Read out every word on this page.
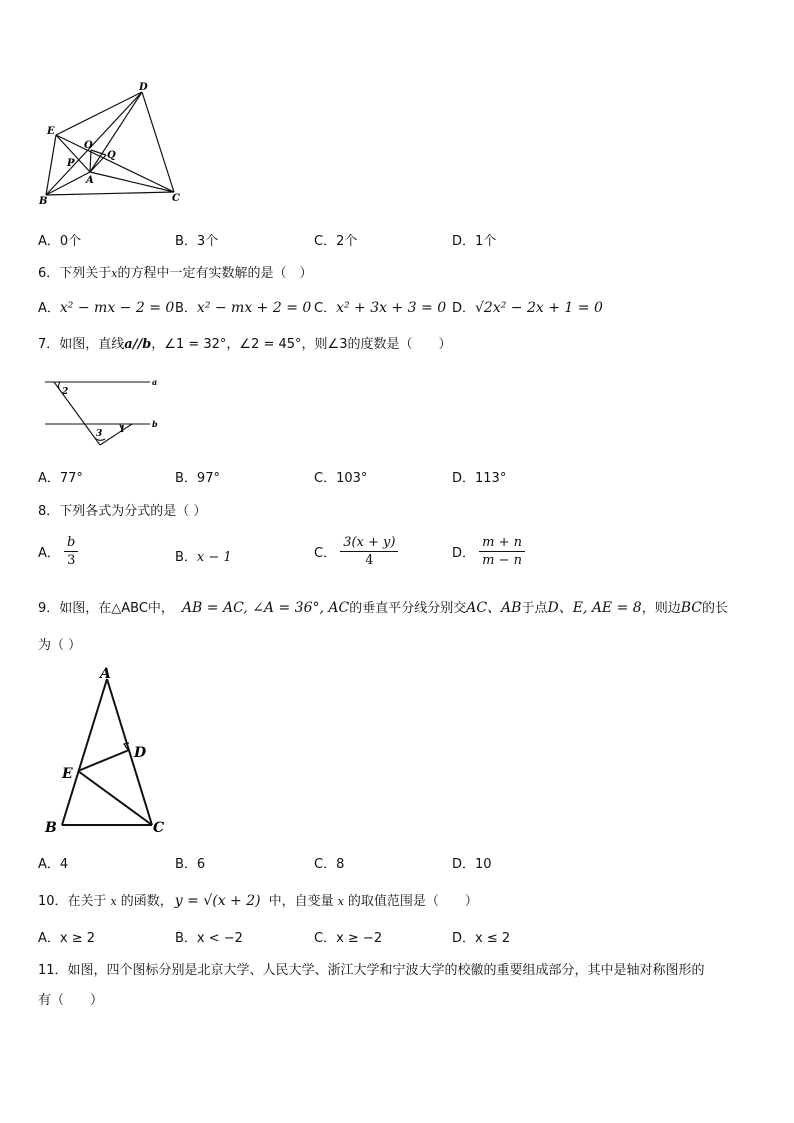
D
E
O
Q
P
A
B	C
A．0个	B．3个	C．2个	D．1个
6．下列关于x的方程中一定有实数解的是（　）
A．x² − mx − 2 = 0 B．x² − mx + 2 = 0 C．x² + 3x + 3 = 0 D．√2x² − 2x + 1 = 0
7．如图，直线a//b，∠1 = 32°，∠2 = 45°，则∠3的度数是（　　）
2
a
3 1
b
A．77°	B．97°	C．103°	D．113°
8．下列各式为分式的是（ ）
A． $\frac{b}{3}$	B．x − 1	C． $\frac{3(x + y)}{4}$	D． $\frac{m + n}{m - n}$
9．如图，在△ABC中， AB = AC, ∠A = 36°, AC的垂直平分线分别交AC、AB于点D、E, AE = 8，则边BC的长
为（ ）
A
D
E
B	C
A．4	B．6	C．8	D．10
10．在关于 x 的函数， y = √(x + 2) 中，自变量 x 的取值范围是（　　）
A．x ≥ 2	B．x < −2	C．x ≥ −2	D．x ≤ 2
11．如图，四个图标分别是北京大学、人民大学、浙江大学和宁波大学的校徽的重要组成部分，其中是轴对称图形的
有（　　）
